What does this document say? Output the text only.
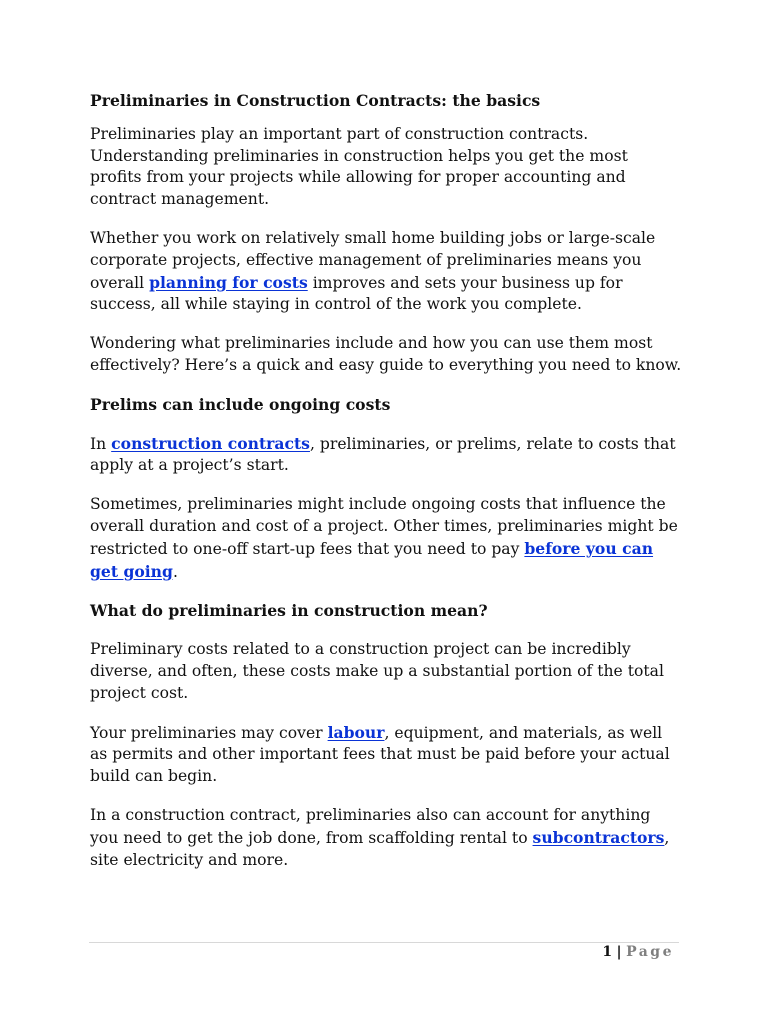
Preliminaries in Construction Contracts: the basics

Preliminaries play an important part of construction contracts. Understanding preliminaries in construction helps you get the most profits from your projects while allowing for proper accounting and contract management.

Whether you work on relatively small home building jobs or large-scale corporate projects, effective management of preliminaries means you overall planning for costs improves and sets your business up for success, all while staying in control of the work you complete.

Wondering what preliminaries include and how you can use them most effectively? Here’s a quick and easy guide to everything you need to know.

Prelims can include ongoing costs

In construction contracts, preliminaries, or prelims, relate to costs that apply at a project’s start.

Sometimes, preliminaries might include ongoing costs that influence the overall duration and cost of a project. Other times, preliminaries might be restricted to one-off start-up fees that you need to pay before you can get going.

What do preliminaries in construction mean?

Preliminary costs related to a construction project can be incredibly diverse, and often, these costs make up a substantial portion of the total project cost.

Your preliminaries may cover labour, equipment, and materials, as well as permits and other important fees that must be paid before your actual build can begin.

In a construction contract, preliminaries also can account for anything you need to get the job done, from scaffolding rental to subcontractors, site electricity and more.

1 | Page
